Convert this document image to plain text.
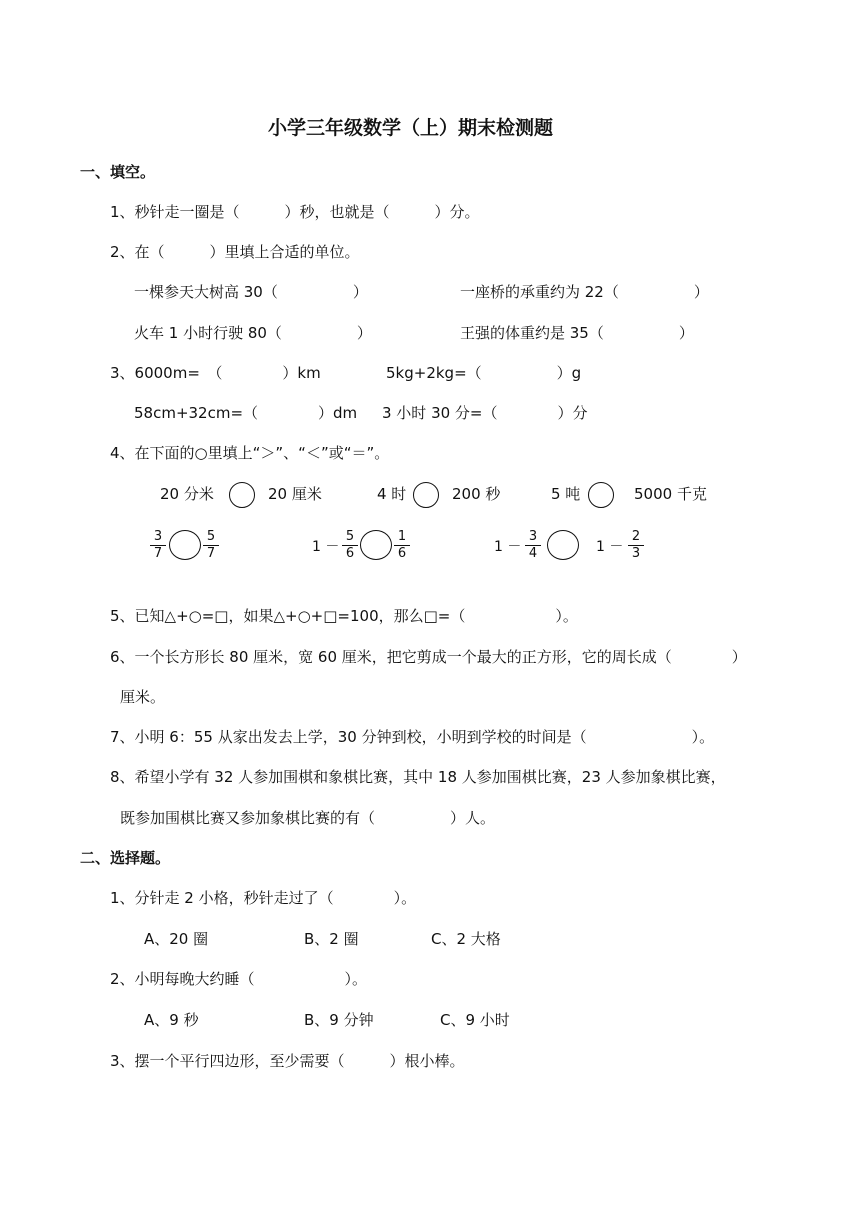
小学三年级数学（上）期末检测题
一、填空。
1、秒针走一圈是（　　　）秒，也就是（　　　）分。
2、在（　　　）里填上合适的单位。
一棵参天大树高 30（　　　　　）	一座桥的承重约为 22（　　　　　）
火车 1 小时行驶 80（　　　　　）	王强的体重约是 35（　　　　　）
3、6000m=　（　　　　）km	5kg+2kg=（　　　　　）g
58cm+32cm=（　　　　）dm 3 小时 30 分=（　　　　）分
4、在下面的○里填上“＞”、“＜”或“＝”。
20 分米	20 厘米	4 时	200 秒	5 吨	5000 千克
$\frac{3}{7}$	$\frac{5}{7}$	$1 - \frac{5}{6}$	$\frac{1}{6}$	$1 - \frac{3}{4}$	$1 - \frac{2}{3}$
5、已知△+○=□，如果△+○+□=100，那么□=（　　　　　　）。
6、一个长方形长 80 厘米，宽 60 厘米，把它剪成一个最大的正方形，它的周长成（　　　　）
厘米。
7、小明 6：55 从家出发去上学，30 分钟到校，小明到学校的时间是（　　　　　　　）。
8、希望小学有 32 人参加围棋和象棋比赛，其中 18 人参加围棋比赛，23 人参加象棋比赛，
既参加围棋比赛又参加象棋比赛的有（　　　　　）人。
二、选择题。
1、分针走 2 小格，秒针走过了（　　　　）。
A、20 圈	B、2 圈	C、2 大格
2、小明每晚大约睡（　　　　　　）。
A、9 秒	B、9 分钟	C、9 小时
3、摆一个平行四边形，至少需要（　　　）根小棒。
